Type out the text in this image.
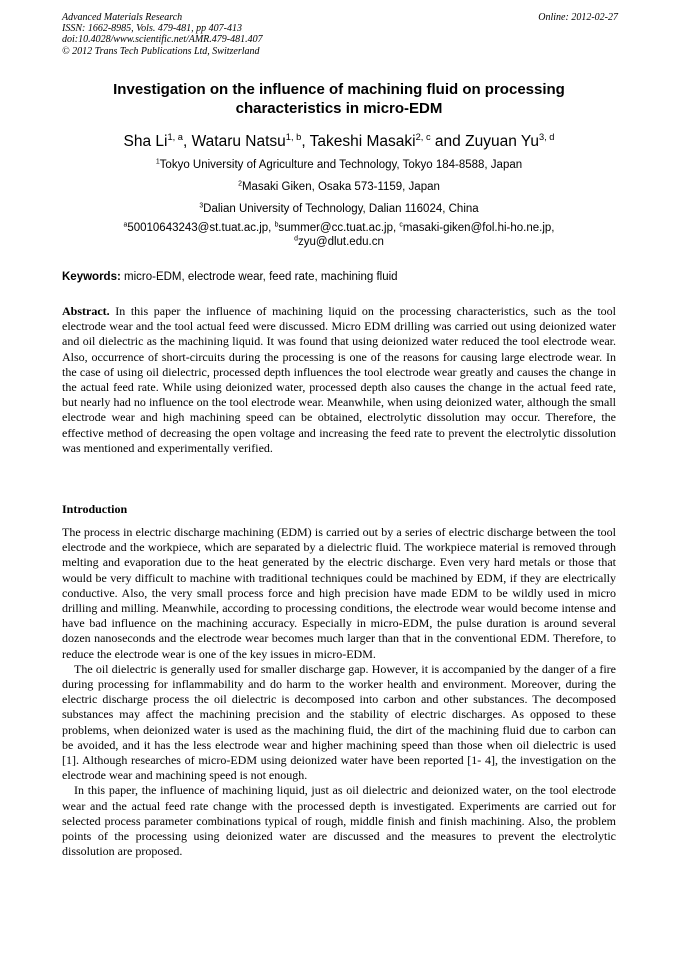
Advanced Materials Research
ISSN: 1662-8985, Vols. 479-481, pp 407-413
doi:10.4028/www.scientific.net/AMR.479-481.407
© 2012 Trans Tech Publications Ltd, Switzerland
Online: 2012-02-27
Investigation on the influence of machining fluid on processing
characteristics in micro-EDM
Sha Li$^{1, a}$, Wataru Natsu$^{1, b}$, Takeshi Masaki$^{2, c}$ and Zuyuan Yu$^{3, d}$
$^1$Tokyo University of Agriculture and Technology, Tokyo 184-8588, Japan
$^2$Masaki Giken, Osaka 573-1159, Japan
$^3$Dalian University of Technology, Dalian 116024, China
$^a$50010643243@st.tuat.ac.jp, $^b$summer@cc.tuat.ac.jp, $^c$masaki-giken@fol.hi-ho.ne.jp,
$^d$zyu@dlut.edu.cn
Keywords: micro-EDM, electrode wear, feed rate, machining fluid

Abstract. In this paper the influence of machining liquid on the processing characteristics, such as the tool electrode wear and the tool actual feed were discussed. Micro EDM drilling was carried out using deionized water and oil dielectric as the machining liquid. It was found that using deionized water reduced the tool electrode wear. Also, occurrence of short-circuits during the processing is one of the reasons for causing large electrode wear. In the case of using oil dielectric, processed depth influences the tool electrode wear greatly and causes the change in the actual feed rate. While using deionized water, processed depth also causes the change in the actual feed rate, but nearly had no influence on the tool electrode wear. Meanwhile, when using deionized water, although the small electrode wear and high machining speed can be obtained, electrolytic dissolution may occur. Therefore, the effective method of decreasing the open voltage and increasing the feed rate to prevent the electrolytic dissolution was mentioned and experimentally verified.

Introduction

The process in electric discharge machining (EDM) is carried out by a series of electric discharge between the tool electrode and the workpiece, which are separated by a dielectric fluid. The workpiece material is removed through melting and evaporation due to the heat generated by the electric discharge. Even very hard metals or those that would be very difficult to machine with traditional techniques could be machined by EDM, if they are electrically conductive. Also, the very small process force and high precision have made EDM to be wildly used in micro drilling and milling. Meanwhile, according to processing conditions, the electrode wear would become intense and have bad influence on the machining accuracy. Especially in micro-EDM, the pulse duration is around several dozen nanoseconds and the electrode wear becomes much larger than that in the conventional EDM. Therefore, to reduce the electrode wear is one of the key issues in micro-EDM.

The oil dielectric is generally used for smaller discharge gap. However, it is accompanied by the danger of a fire during processing for inflammability and do harm to the worker health and environment. Moreover, during the electric discharge process the oil dielectric is decomposed into carbon and other substances. The decomposed substances may affect the machining precision and the stability of electric discharges. As opposed to these problems, when deionized water is used as the machining fluid, the dirt of the machining fluid due to carbon can be avoided, and it has the less electrode wear and higher machining speed than those when oil dielectric is used [1]. Although researches of micro-EDM using deionized water have been reported [1- 4], the investigation on the electrode wear and machining speed is not enough.

In this paper, the influence of machining liquid, just as oil dielectric and deionized water, on the tool electrode wear and the actual feed rate change with the processed depth is investigated. Experiments are carried out for selected process parameter combinations typical of rough, middle finish and finish machining. Also, the problem points of the processing using deionized water are discussed and the measures to prevent the electrolytic dissolution are proposed.
